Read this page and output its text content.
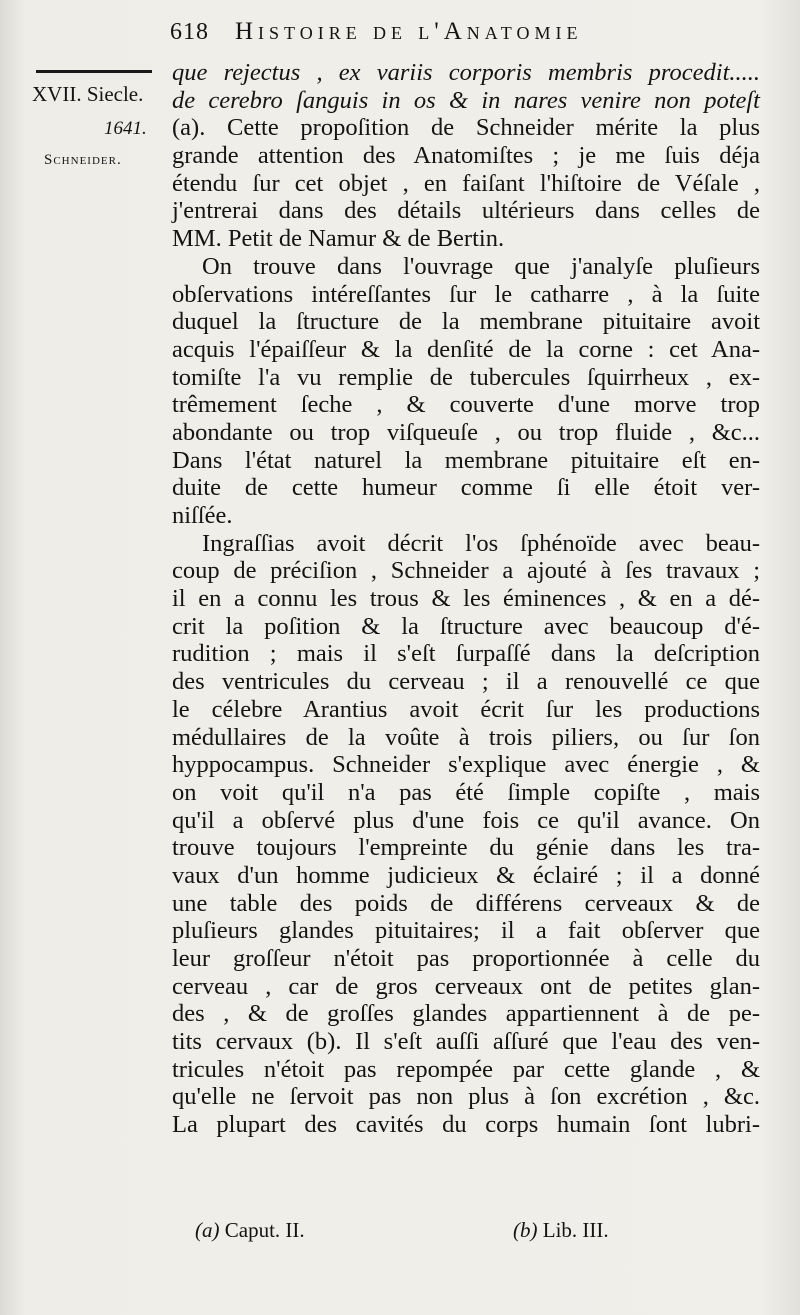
618 Histoire de l'Anatomie
XVII. Siecle.
1641.
Schneider.
que rejectus , ex variis corporis membris procedit.....
de cerebro ſanguis in os & in nares venire non poteſt
(a). Cette propoſition de Schneider mérite la plus
grande attention des Anatomiſtes ; je me ſuis déja
étendu ſur cet objet , en faiſant l'hiſtoire de Véſale ,
j'entrerai dans des détails ultérieurs dans celles de
MM. Petit de Namur & de Bertin.
On trouve dans l'ouvrage que j'analyſe pluſieurs
obſervations intéreſſantes ſur le catharre , à la ſuite
duquel la ſtructure de la membrane pituitaire avoit
acquis l'épaiſſeur & la denſité de la corne : cet Ana-
tomiſte l'a vu remplie de tubercules ſquirrheux , ex-
trêmement ſeche , & couverte d'une morve trop
abondante ou trop viſqueuſe , ou trop fluide , &c...
Dans l'état naturel la membrane pituitaire eſt en-
duite de cette humeur comme ſi elle étoit ver-
niſſée.
Ingraſſias avoit décrit l'os ſphénoïde avec beau-
coup de préciſion , Schneider a ajouté à ſes travaux ;
il en a connu les trous & les éminences , & en a dé-
crit la poſition & la ſtructure avec beaucoup d'é-
rudition ; mais il s'eſt ſurpaſſé dans la deſcription
des ventricules du cerveau ; il a renouvellé ce que
le célebre Arantius avoit écrit ſur les productions
médullaires de la voûte à trois piliers, ou ſur ſon
hyppocampus. Schneider s'explique avec énergie , &
on voit qu'il n'a pas été ſimple copiſte , mais
qu'il a obſervé plus d'une fois ce qu'il avance. On
trouve toujours l'empreinte du génie dans les tra-
vaux d'un homme judicieux & éclairé ; il a donné
une table des poids de différens cerveaux & de
pluſieurs glandes pituitaires; il a fait obſerver que
leur groſſeur n'étoit pas proportionnée à celle du
cerveau , car de gros cerveaux ont de petites glan-
des , & de groſſes glandes appartiennent à de pe-
tits cervaux (b). Il s'eſt auſſi aſſuré que l'eau des ven-
tricules n'étoit pas repompée par cette glande , &
qu'elle ne ſervoit pas non plus à ſon excrétion , &c.
La plupart des cavités du corps humain ſont lubri-
(a) Caput. II.	(b) Lib. III.
